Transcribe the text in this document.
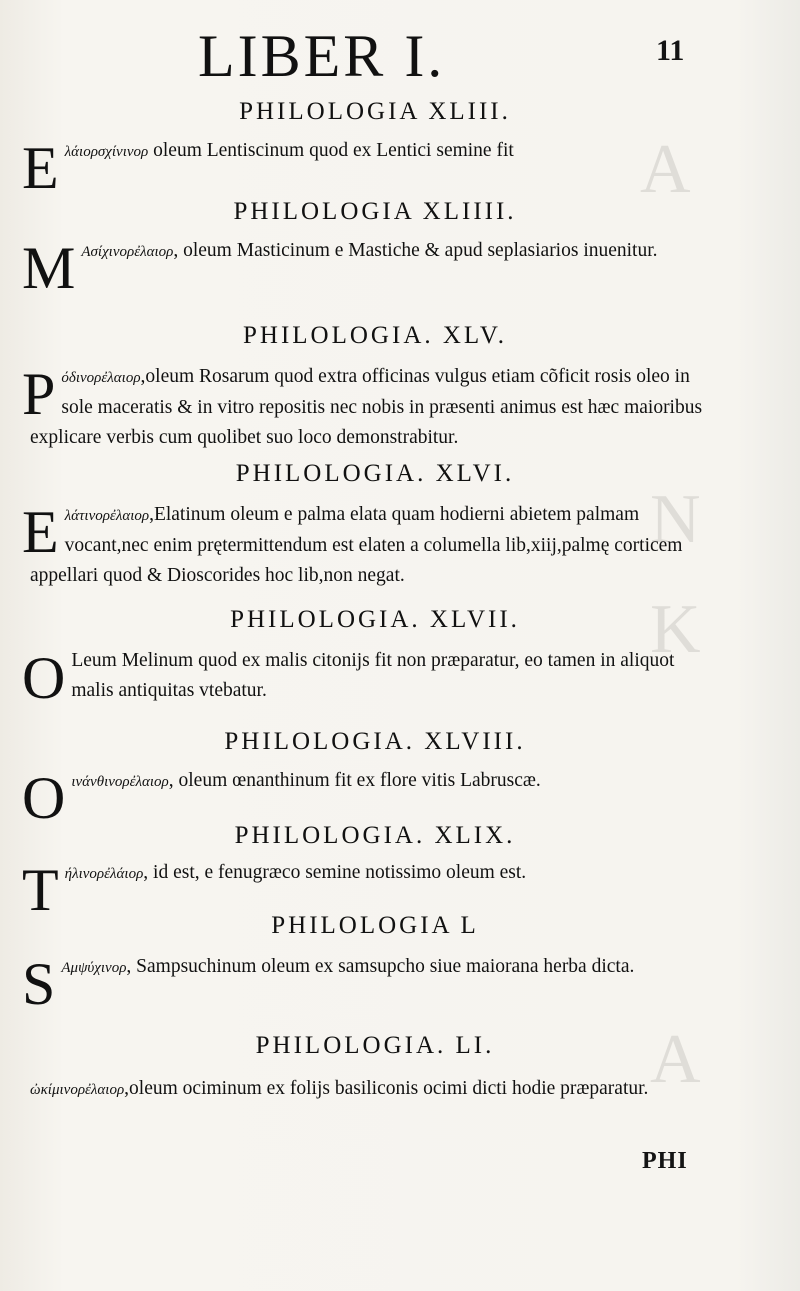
A
N
K
A
LIBER I.	11

PHILOLOGIA XLIII.

Eλάιορσχίνινορ oleum Lentiscinum quod ex Lentici semine fit

PHILOLOGIA XLIIII.

M Ασίχινορἐλαιορ, oleum Masticinum e Mastiche & apud seplasiarios inuenitur.

PHILOLOGIA. XLV.

Pόδινορἐλαιορ,oleum Rosarum quod extra officinas vulgus etiam cõficit rosis oleo in sole maceratis & in vitro repositis nec nobis in præsenti animus est hæc maioribus explicare verbis cum quolibet suo loco demonstrabitur.

PHILOLOGIA. XLVI.

Eλάτινορἐλαιορ,Elatinum oleum e palma elata quam hodierni abietem palmam vocant,nec enim prętermittendum est elaten a columella lib,xiij,palmę corticem appellari quod & Dioscorides hoc lib,non negat.

PHILOLOGIA. XLVII.

O Leum Melinum quod ex malis citonijs fit non præparatur, eo tamen in aliquot malis antiquitas vtebatur.

PHILOLOGIA. XLVIII.

Oινάνθινορἐλαιορ, oleum œnanthinum fit ex flore vitis Labruscæ.

PHILOLOGIA. XLIX.

Tήλινορἐλάιορ, id est, e fenugræco semine notissimo oleum est.

PHILOLOGIA L

S Αμψύχινορ, Sampsuchinum oleum ex samsupcho siue maiorana herba dicta.

PHILOLOGIA. LI.

ὠκίμινορἐλαιορ,oleum ociminum ex folijs basiliconis ocimi dicti hodie præparatur.

PHI
